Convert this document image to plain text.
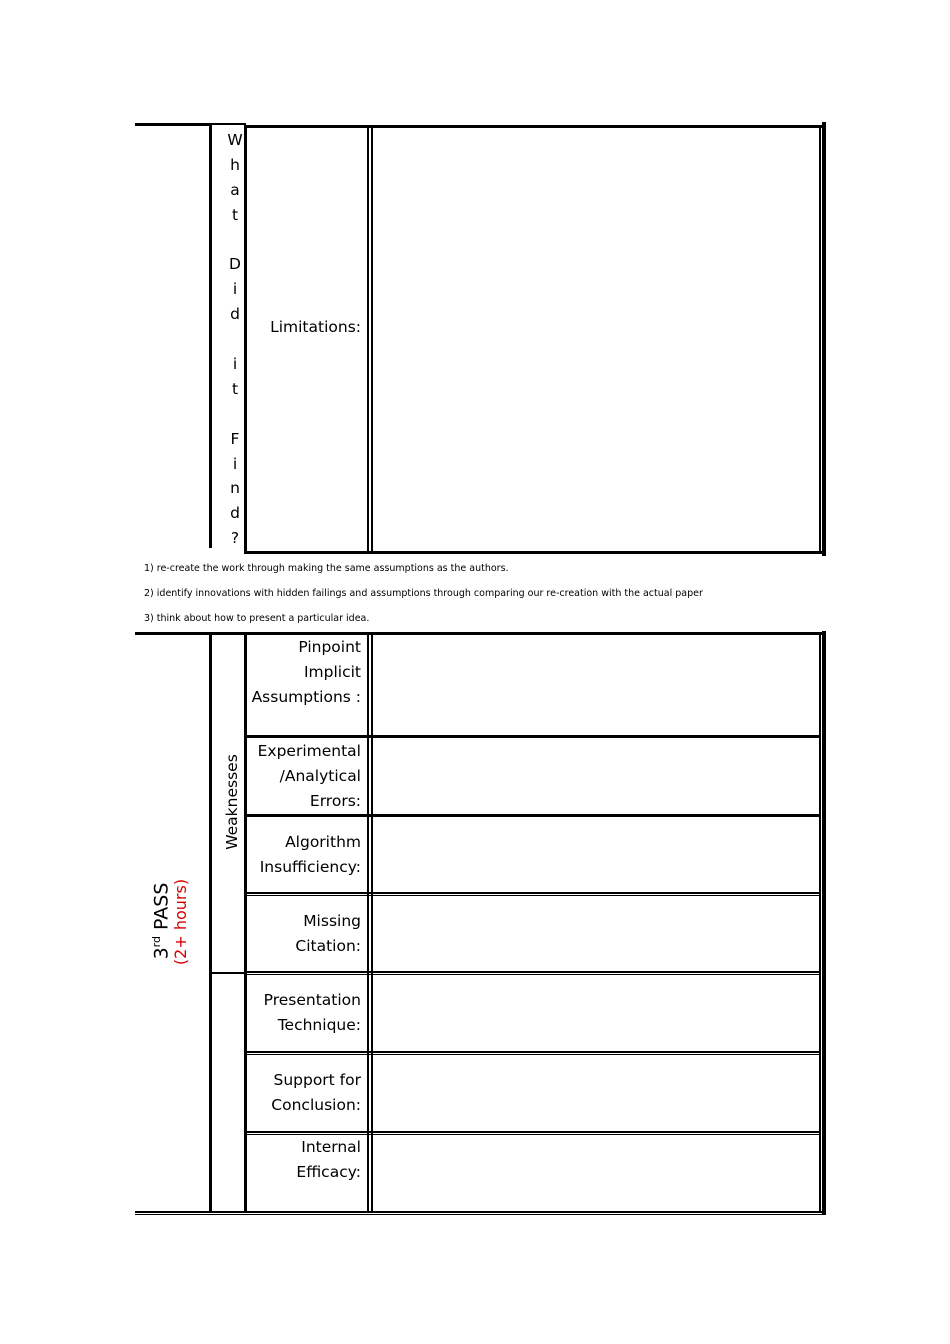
W
h
a
t
D
i
d
i
t
F
i
n
d
?
Limitations:
1) re-create the work through making the same assumptions as the authors.
2) identify innovations with hidden failings and assumptions through comparing our re-creation with the actual paper
3) think about how to present a particular idea.
3rd PASS
(2+ hours)
Weaknesses
Pinpoint Implicit Assumptions :
Experimental /Analytical Errors:
Algorithm Insufficiency:
Missing Citation:
Presentation Technique:
Support for Conclusion:
Internal Efficacy:
